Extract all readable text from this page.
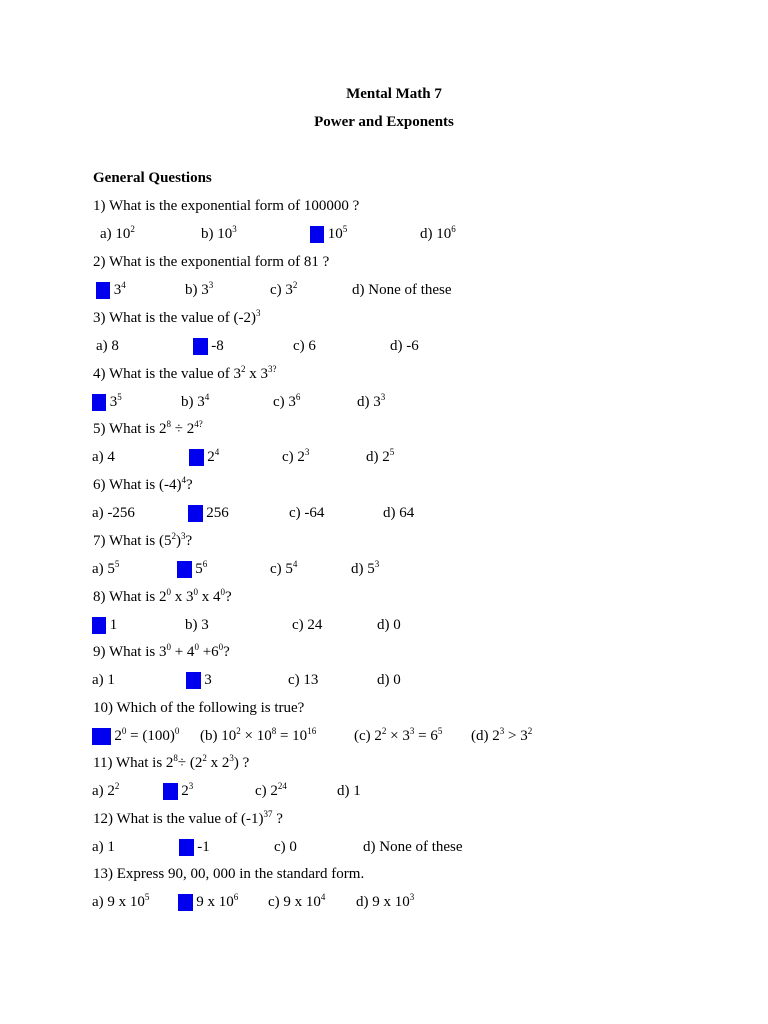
Mental Math 7
Power and Exponents
General Questions
1) What is the exponential form of 100000 ?
a) $10^2$	b) $10^3$	c) $10^5$	d) $10^6$
2) What is the exponential form of 81 ?
a) $3^4$	b) $3^3$	c) $3^2$	d) None of these
3) What is the value of $(-2)^3$
a) 8	b) -8	c) 6	d) -6
4) What is the value of $3^2$ x $3^{3?}$
a) $3^5$	b) $3^4$	c) $3^6$	d) $3^3$
5) What is $2^8 \div 2^{4?}$
a) 4	b) $2^4$	c) $2^3$	d) $2^5$
6) What is $(-4)^4$?
a) -256	b) 256	c) -64	d) 64
7) What is $(5^2)^3$?
a) $5^5$	b) $5^6$	c) $5^4$	d) $5^3$
8) What is $2^0$ x $3^0$ x $4^0$?
a) 1	b) 3	c) 24	d) 0
9) What is $3^0 + 4^0 +6^0$?
a) 1	b) 3	c) 13	d) 0
10) Which of the following is true?
(a) $2^0 = (100)^0$ (b) $10^2 \times 10^8 = 10^{16}$	(c) $2^2 \times 3^3 = 6^5$ (d) $2^3 > 3^2$
11) What is $2^8\div (2^2$ x $2^3$) ?
a) $2^2$	b) $2^3$	c) $2^{24}$	d) 1
12) What is the value of $(-1)^{37}$ ?
a) 1	b) -1	c) 0	d) None of these
13) Express 90, 00, 000 in the standard form.
a) 9 x $10^5$ b) 9 x $10^6$ c) 9 x $10^4$ d) 9 x $10^3$
